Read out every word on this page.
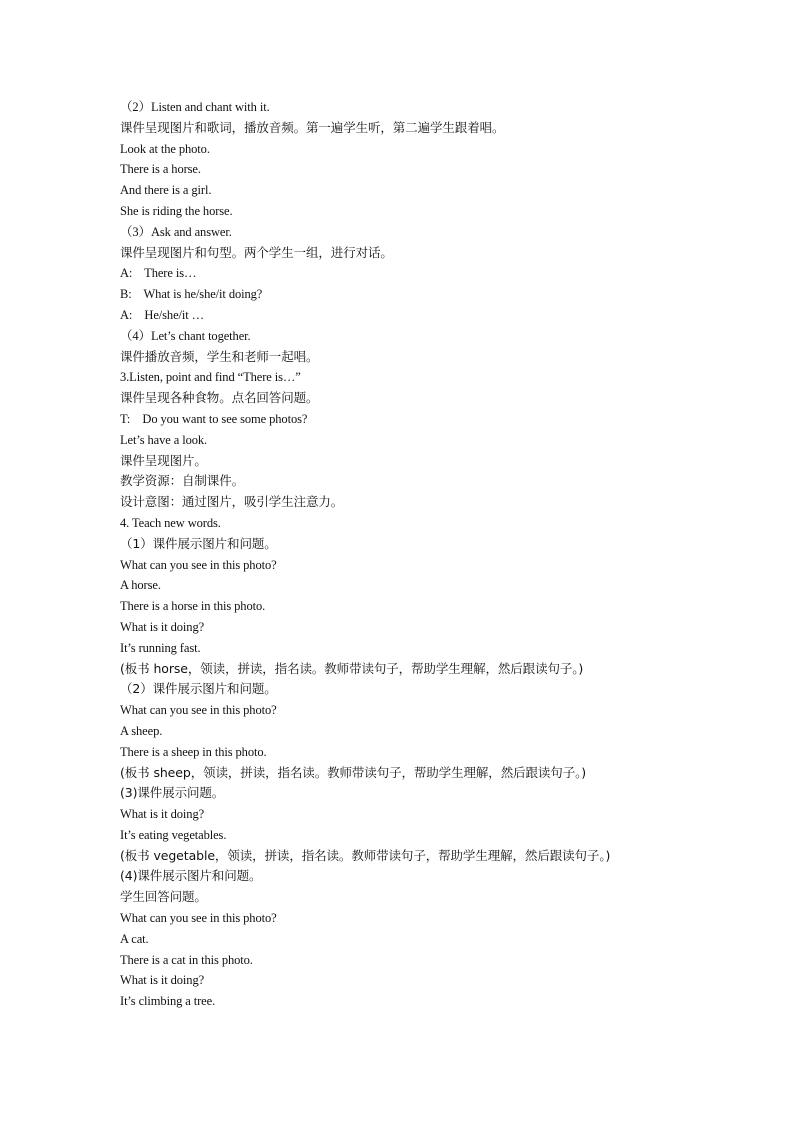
（2）Listen and chant with it.
课件呈现图片和歌词，播放音频。第一遍学生听，第二遍学生跟着唱。
Look at the photo.
There is a horse.
And there is a girl.
She is riding the horse.
（3）Ask and answer.
课件呈现图片和句型。两个学生一组，进行对话。
A:    There is…
B:    What is he/she/it doing?
A:    He/she/it …
（4）Let’s chant together.
课件播放音频，学生和老师一起唱。
3.Listen, point and find “There is…”
课件呈现各种食物。点名回答问题。
T:    Do you want to see some photos?
Let’s have a look.
课件呈现图片。
教学资源：自制课件。
设计意图：通过图片，吸引学生注意力。
4. Teach new words.
（1）课件展示图片和问题。
What can you see in this photo?
A horse.
There is a horse in this photo.
What is it doing?
It’s running fast.
(板书 horse，领读，拼读，指名读。教师带读句子，帮助学生理解，然后跟读句子。)
（2）课件展示图片和问题。
What can you see in this photo?
A sheep.
There is a sheep in this photo.
(板书 sheep，领读，拼读，指名读。教师带读句子，帮助学生理解，然后跟读句子。)
(3)课件展示问题。
What is it doing?
It’s eating vegetables.
(板书 vegetable，领读，拼读，指名读。教师带读句子，帮助学生理解，然后跟读句子。)
(4)课件展示图片和问题。
学生回答问题。
What can you see in this photo?
A cat.
There is a cat in this photo.
What is it doing?
It’s climbing a tree.
